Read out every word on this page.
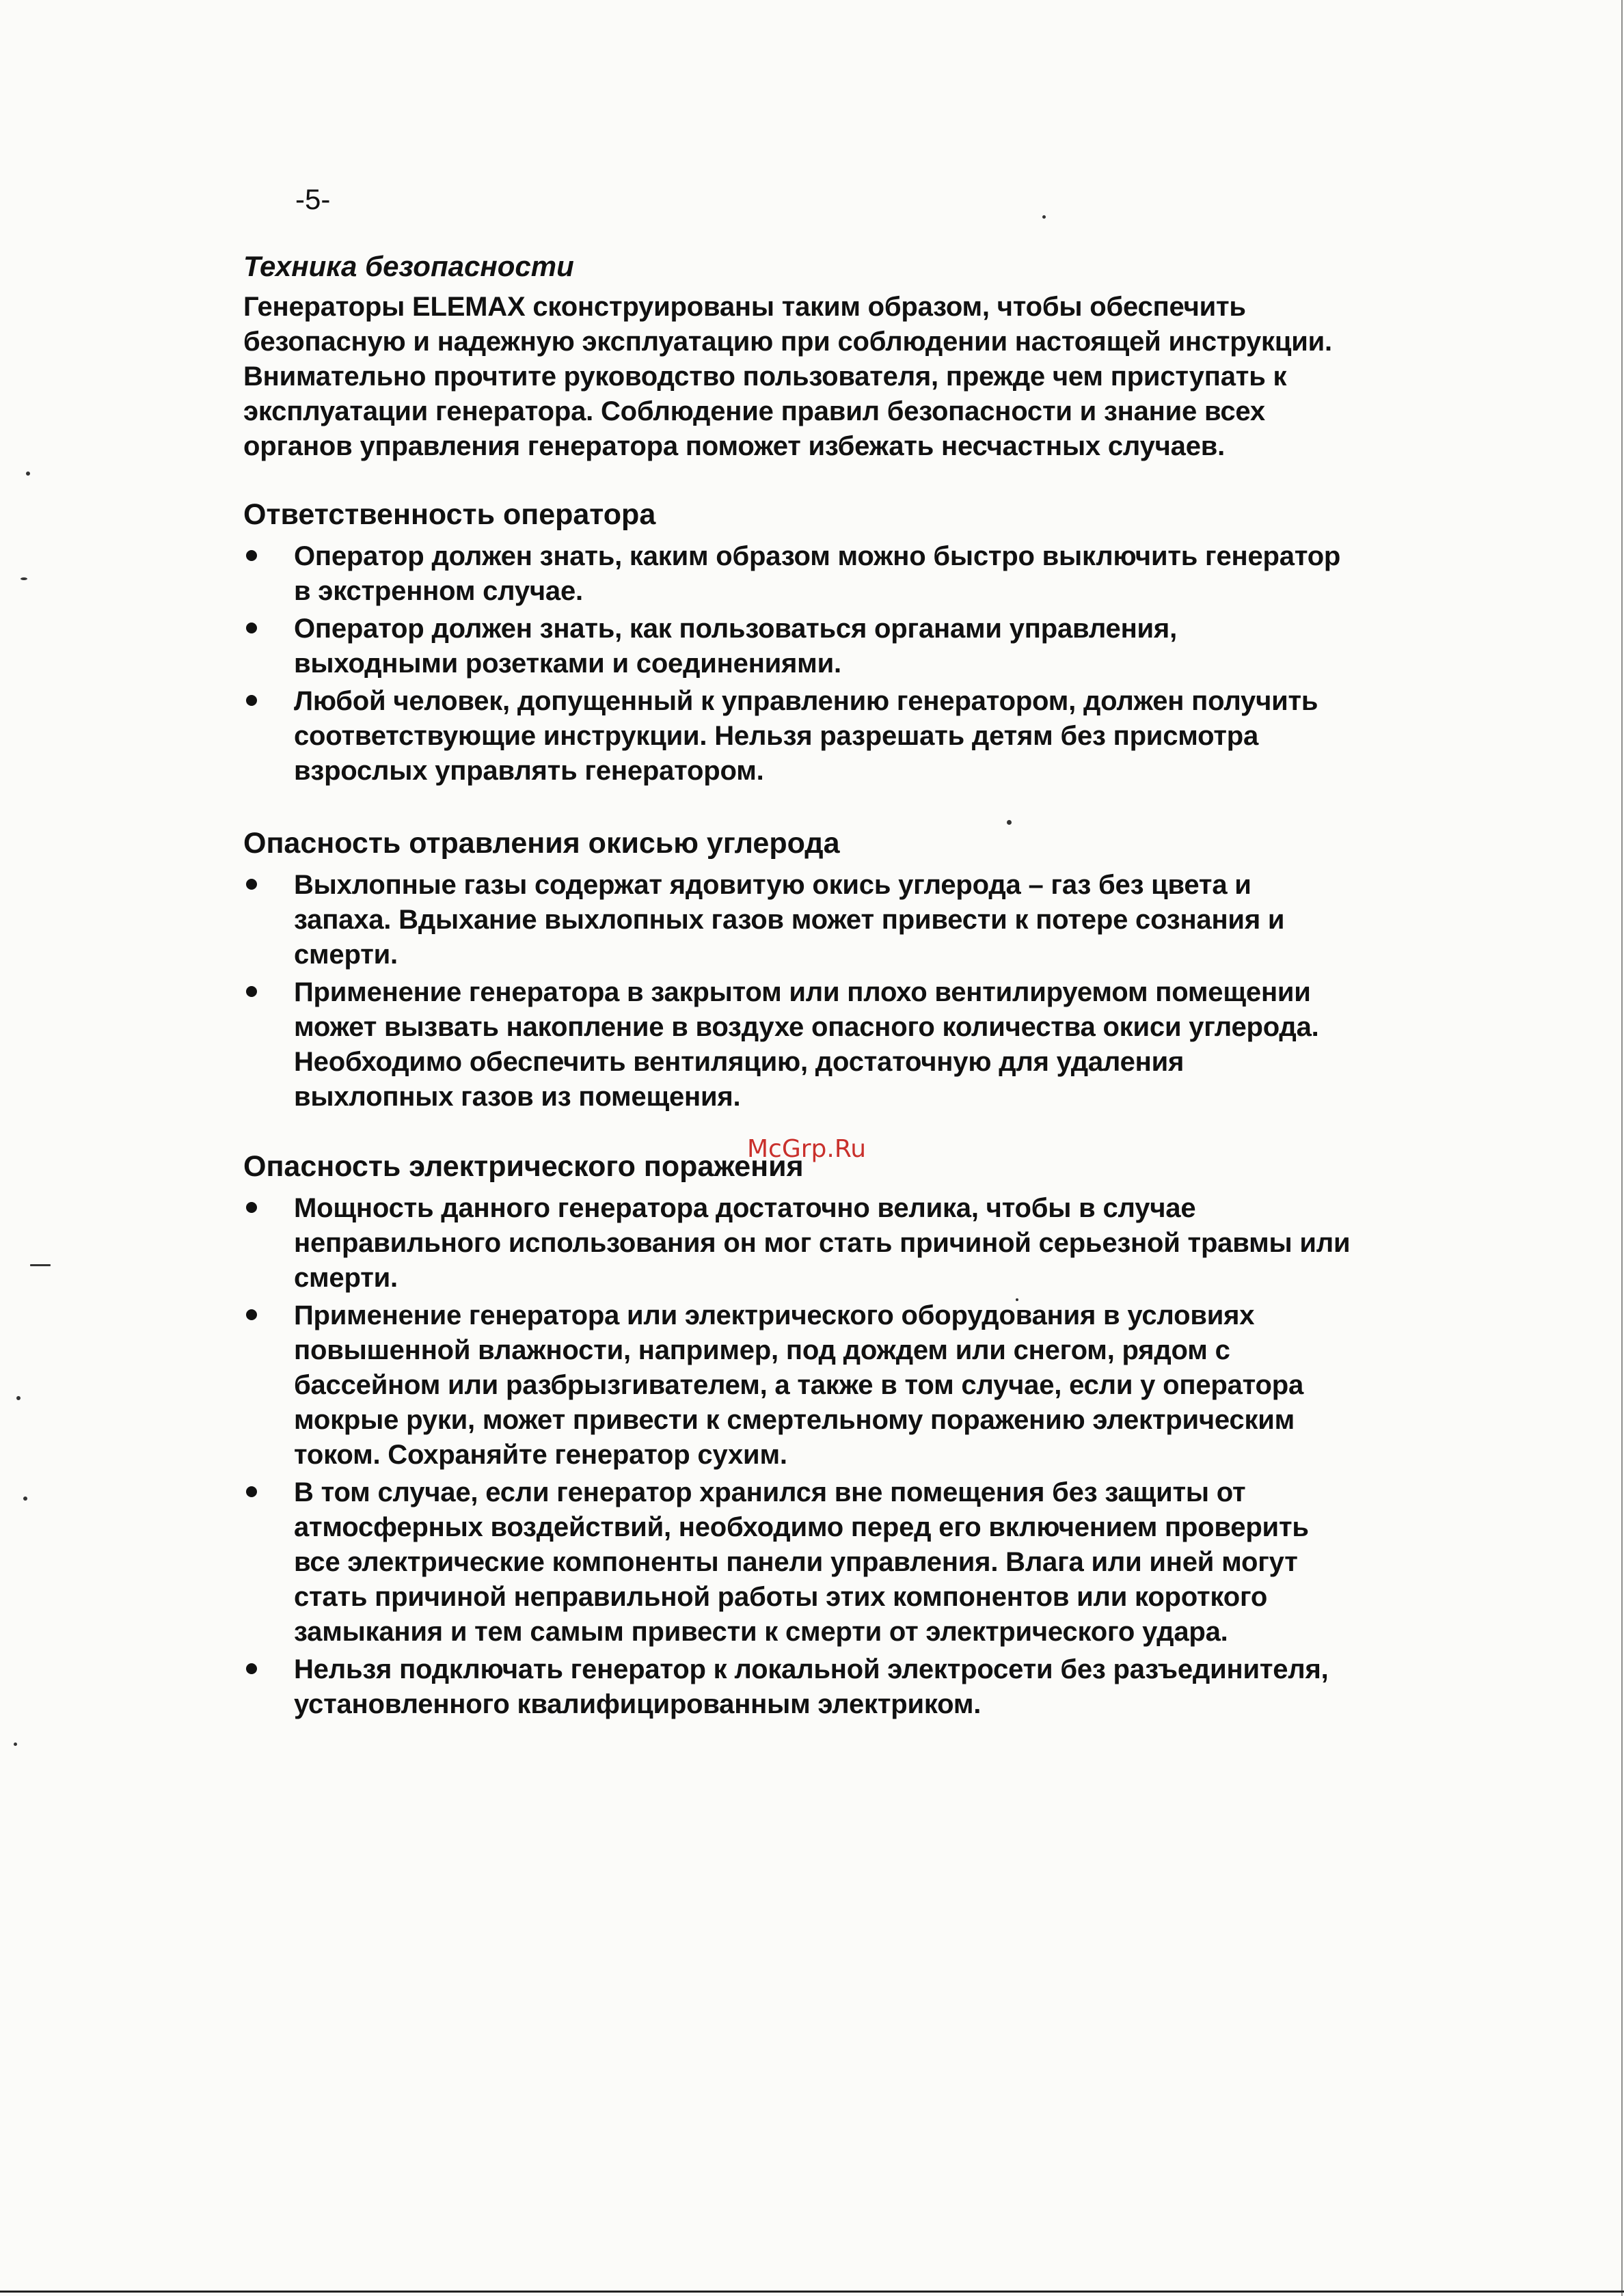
-5-
Техника безопасности

Генераторы ELEMAX сконструированы таким образом, чтобы обеспечить

безопасную и надежную эксплуатацию при соблюдении настоящей инструкции.

Внимательно прочтите руководство пользователя, прежде чем приступать к

эксплуатации генератора. Соблюдение правил безопасности и знание всех

органов управления генератора поможет избежать несчастных случаев.

Ответственность оператора
Оператор должен знать, каким образом можно быстро выключить генератор
в экстренном случае.
Оператор должен знать, как пользоваться органами управления,
выходными розетками и соединениями.
Любой человек, допущенный к управлению генератором, должен получить
соответствующие инструкции. Нельзя разрешать детям без присмотра
взрослых управлять генератором.
Опасность отравления окисью углерода
Выхлопные газы содержат ядовитую окись углерода – газ без цвета и
запаха. Вдыхание выхлопных газов может привести к потере сознания и
смерти.
Применение генератора в закрытом или плохо вентилируемом помещении
может вызвать накопление в воздухе опасного количества окиси углерода.
Необходимо обеспечить вентиляцию, достаточную для удаления
выхлопных газов из помещения.
Опасность электрического поражения
Мощность данного генератора достаточно велика, чтобы в случае
неправильного использования он мог стать причиной серьезной травмы или
смерти.
Применение генератора или электрического оборудования в условиях
повышенной влажности, например, под дождем или снегом, рядом с
бассейном или разбрызгивателем, а также в том случае, если у оператора
мокрые руки, может привести к смертельному поражению электрическим
током. Сохраняйте генератор сухим.
В том случае, если генератор хранился вне помещения без защиты от
атмосферных воздействий, необходимо перед его включением проверить
все электрические компоненты панели управления. Влага или иней могут
стать причиной неправильной работы этих компонентов или короткого
замыкания и тем самым привести к смерти от электрического удара.
Нельзя подключать генератор к локальной электросети без разъединителя,
установленного квалифицированным электриком.
McGrp.Ru
